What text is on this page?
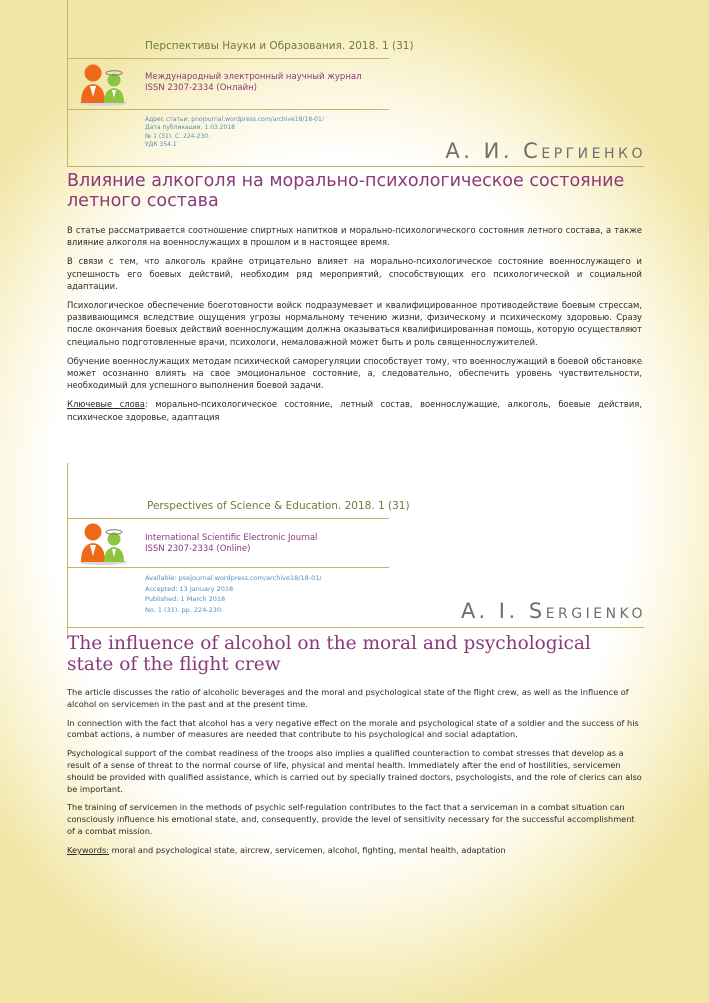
Перспективы Науки и Образования. 2018. 1 (31)
Международный электронный научный журнал
ISSN 2307-2334 (Онлайн)
Адрес статьи: pnojournal.wordpress.com/archive18/18-01/
Дата публикации: 1.03.2018
№ 1 (31). С. 224-230.
УДК 354.1	А. И. СЕРГИЕНКО
Влияние алкоголя на морально-психологическое состояние летного состава

В статье рассматривается соотношение спиртных напитков и морально-психологического состояния летного состава, а также влияние алкоголя на военнослужащих в прошлом и в настоящее время.

В связи с тем, что алкоголь крайне отрицательно влияет на морально-психологическое состояние военнослужащего и успешность его боевых действий, необходим ряд мероприятий, способствующих его психологической и социальной адаптации.

Психологическое обеспечение боеготовности войск подразумевает и квалифицированное противодействие боевым стрессам, развивающимся вследствие ощущения угрозы нормальному течению жизни, физическому и психическому здоровью. Сразу после окончания боевых действий военнослужащим должна оказываться квалифицированная помощь, которую осуществляют специально подготовленные врачи, психологи, немаловажной может быть и роль священнослужителей.

Обучение военнослужащих методам психической саморегуляции способствует тому, что военнослужащий в боевой обстановке может осознанно влиять на свое эмоциональное состояние, а, следовательно, обеспечить уровень чувствительности, необходимый для успешного выполнения боевой задачи.

Ключевые слова: морально-психологическое состояние, летный состав, военнослужащие, алкоголь, боевые действия, психическое здоровье, адаптация

Perspectives of Science & Education. 2018. 1 (31)
International Scientific Electronic Journal
ISSN 2307-2334 (Online)
Available: psejournal.wordpress.com/archive18/18-01/
Accepted: 13 January 2018
Published: 1 March 2018
No. 1 (31). pp. 224-230.	A. I. SERGIENKO
The influence of alcohol on the moral and psychological state of the flight crew

The article discusses the ratio of alcoholic beverages and the moral and psychological state of the flight crew, as well as the influence of alcohol on servicemen in the past and at the present time.

In connection with the fact that alcohol has a very negative effect on the morale and psychological state of a soldier and the success of his combat actions, a number of measures are needed that contribute to his psychological and social adaptation.

Psychological support of the combat readiness of the troops also implies a qualified counteraction to combat stresses that develop as a result of a sense of threat to the normal course of life, physical and mental health. Immediately after the end of hostilities, servicemen should be provided with qualified assistance, which is carried out by specially trained doctors, psychologists, and the role of clerics can also be important.

The training of servicemen in the methods of psychic self-regulation contributes to the fact that a serviceman in a combat situation can consciously influence his emotional state, and, consequently, provide the level of sensitivity necessary for the successful accomplishment of a combat mission.

Keywords: moral and psychological state, aircrew, servicemen, alcohol, fighting, mental health, adaptation
